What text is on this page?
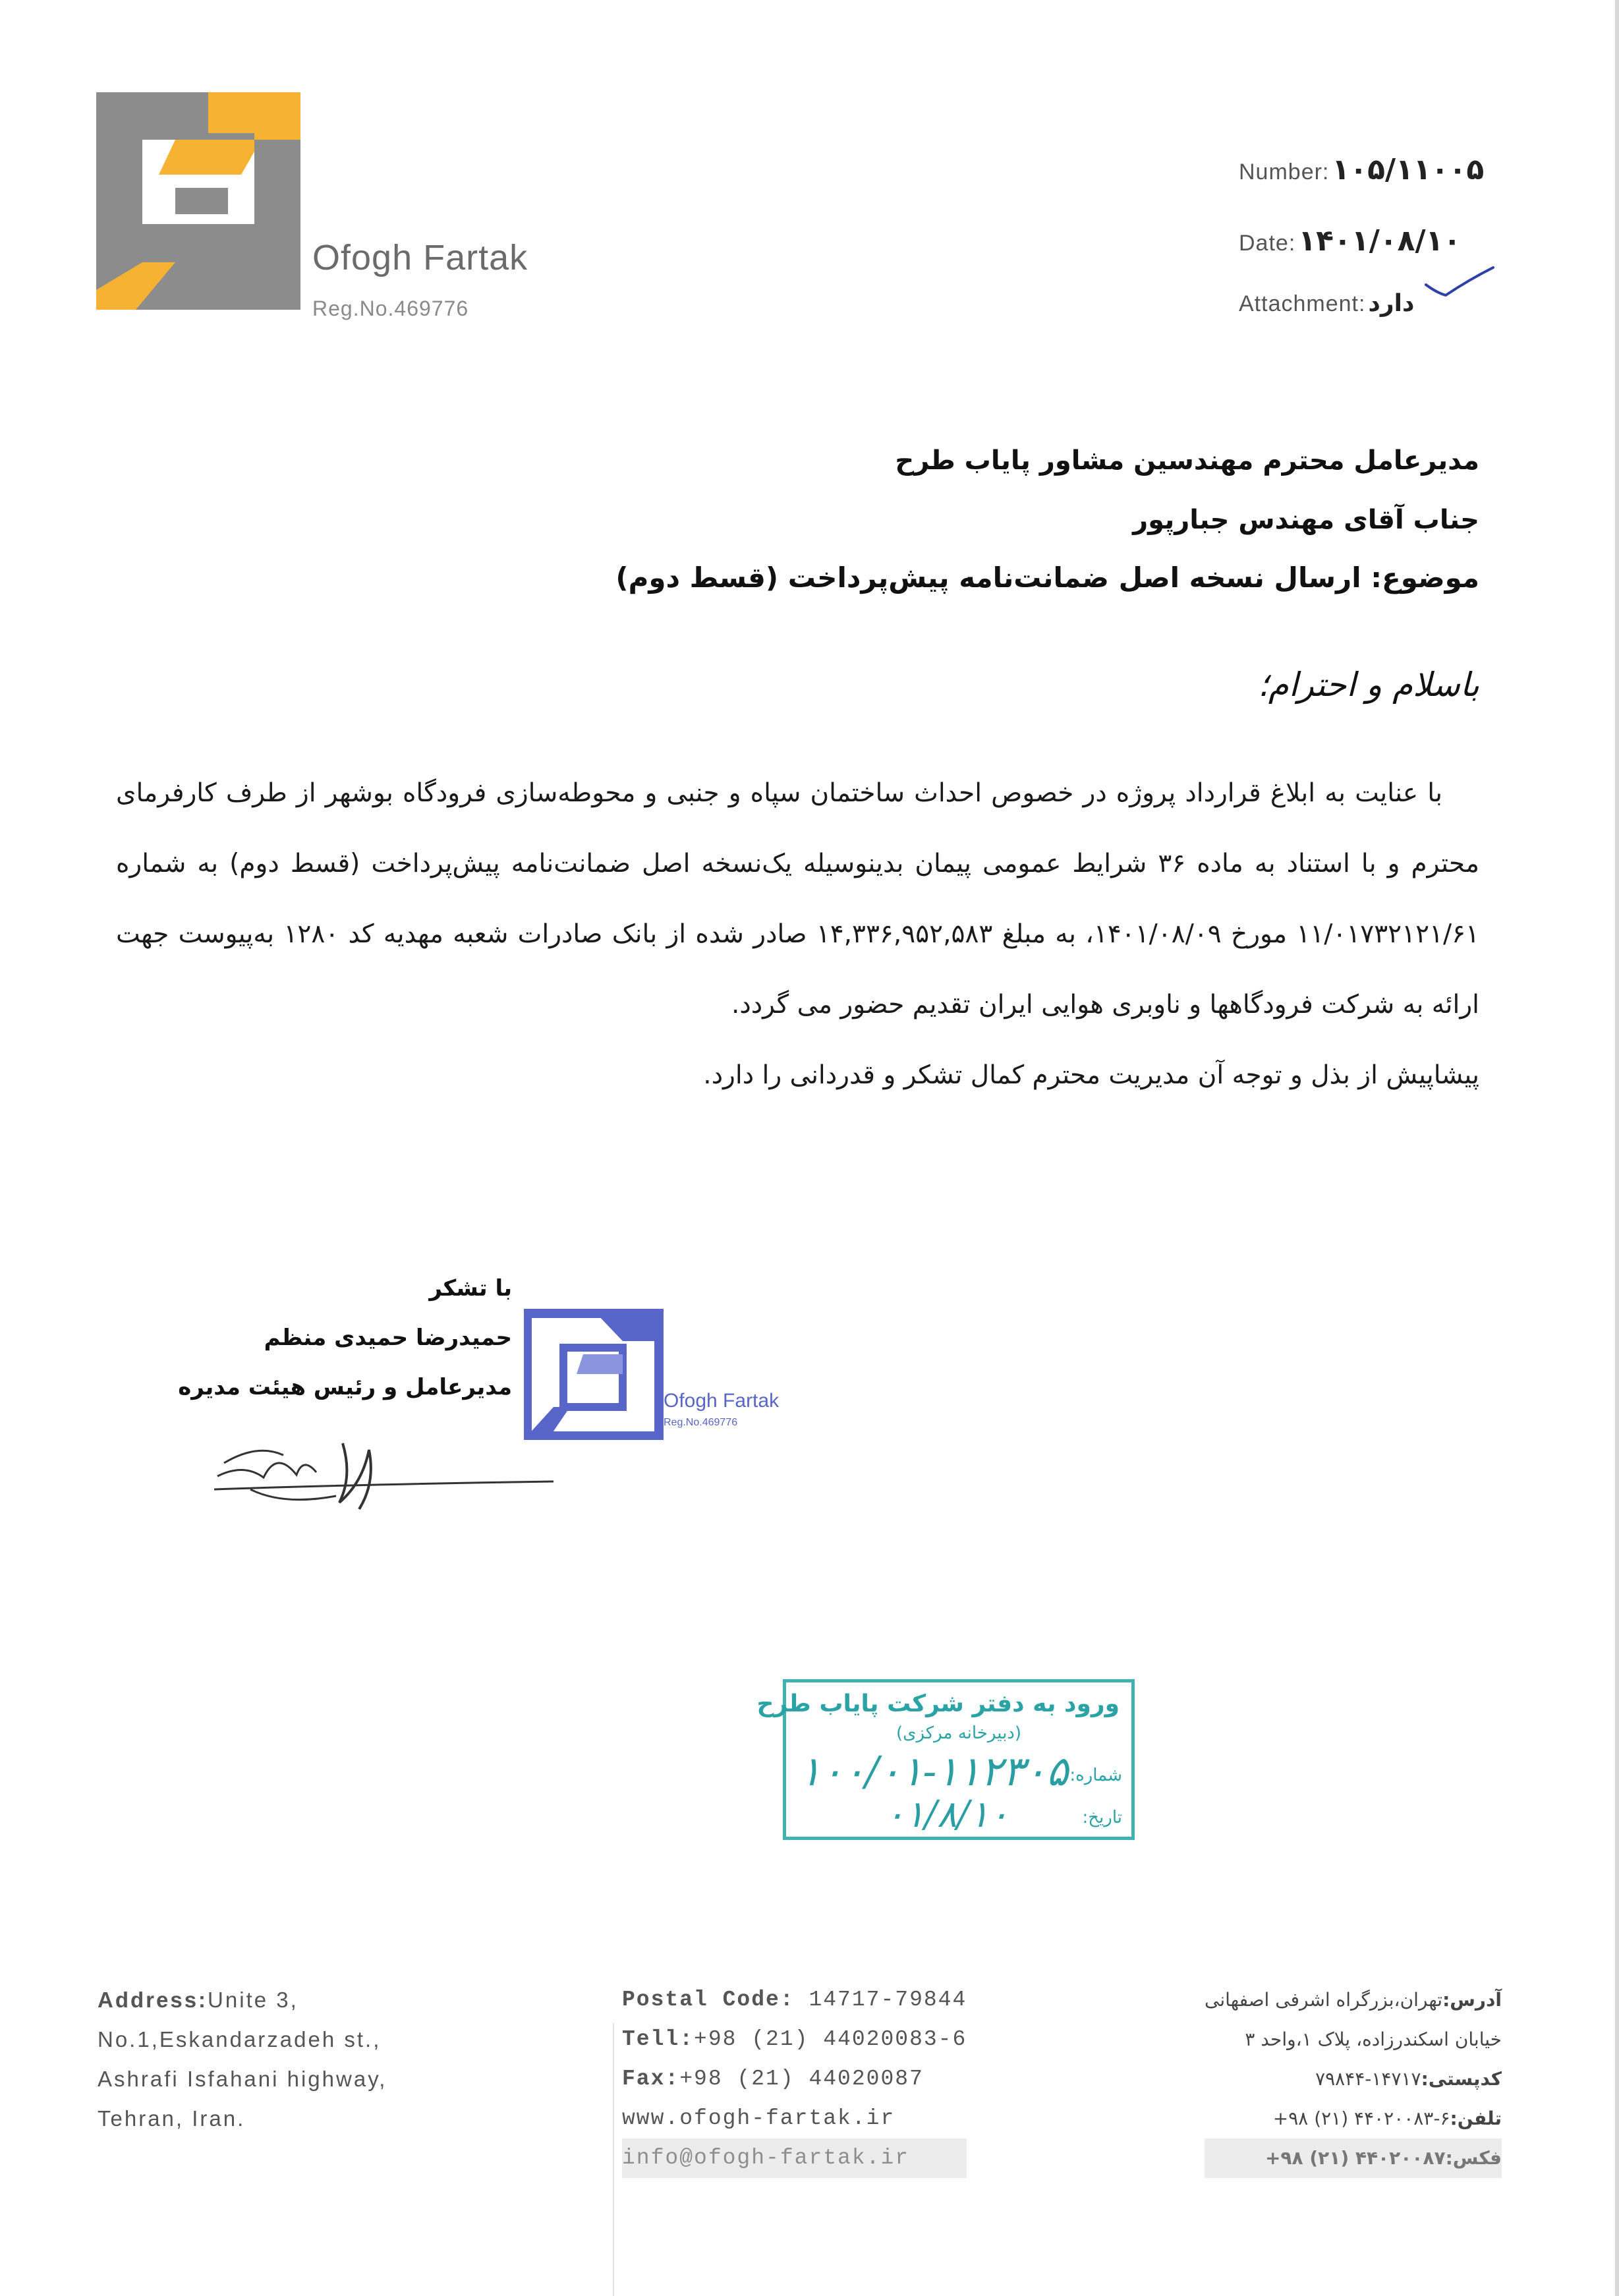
Ofogh Fartak
Reg.No.469776
Number:۱۰۵/۱۱۰۰۵
Date:۱۴۰۱/۰۸/۱۰
Attachment: دارد
مدیرعامل محترم مهندسین مشاور پایاب طرح
جناب آقای مهندس جبارپور
موضوع: ارسال نسخه اصل ضمانت‌نامه پیش‌پرداخت (قسط دوم)
باسلام و احترام؛

با عنایت به ابلاغ قرارداد پروژه در خصوص احداث ساختمان سپاه و جنبی و محوطه‌سازی فرودگاه بوشهر از طرف کارفرمای محترم و با استناد به ماده ۳۶ شرایط عمومی پیمان بدینوسیله یک‌نسخه اصل ضمانت‌نامه پیش‌پرداخت (قسط دوم) به شماره ۱۱/۰۱۷۳۲۱۲۱/۶۱ مورخ ۱۴۰۱/۰۸/۰۹، به مبلغ ۱۴,۳۳۶,۹۵۲,۵۸۳ صادر شده از بانک صادرات شعبه مهدیه کد ۱۲۸۰ به‌پیوست جهت ارائه به شرکت فرودگاهها و ناوبری هوایی ایران تقدیم حضور می گردد.

پیشاپیش از بذل و توجه آن مدیریت محترم کمال تشکر و قدردانی را دارد.

با تشکر
حمیدرضا حمیدی منظم
مدیرعامل و رئیس هیئت مدیره
Ofogh Fartak
Reg.No.469776
ورود به دفتر شرکت پایاب طرح
(دبیرخانه مرکزی)
شماره:
۱۰۰/۰۱-۱۱۲۳۰۵
تاریخ:
۰۱/۸/۱۰
Address:Unite 3,
No.1,Eskandarzadeh st.,
Ashrafi Isfahani highway,
Tehran, Iran.
Postal Code: 14717-79844
Tell:+98 (21) 44020083-6
Fax:+98 (21) 44020087
www.ofogh-fartak.ir
info@ofogh-fartak.ir
آدرس:تهران،بزرگراه اشرفی اصفهانی
خیابان اسکندرزاده، پلاک ۱،واحد ۳
کدپستی:۱۴۷۱۷-۷۹۸۴۴
تلفن:۶-۴۴۰۲۰۰۸۳ (۲۱) ۹۸+
فکس:۴۴۰۲۰۰۸۷ (۲۱) ۹۸+
